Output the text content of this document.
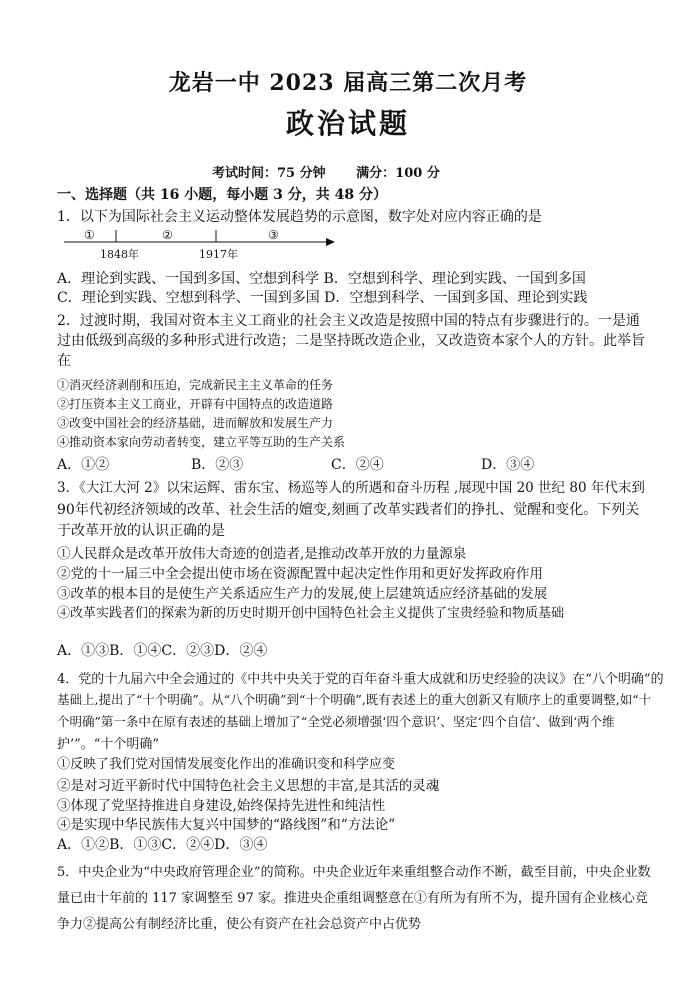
龙岩一中 2023 届高三第二次月考
政治试题
考试时间：75 分钟 满分：100 分
一、选择题（共 16 小题，每小题 3 分，共 48 分）
1．以下为国际社会主义运动整体发展趋势的示意图，数字处对应内容正确的是
①	②	③
1848年	1917年
A．理论到实践、一国到多国、空想到科学 B．空想到科学、理论到实践、一国到多国
C．理论到实践、空想到科学、一国到多国 D．空想到科学、一国到多国、理论到实践
2．过渡时期，我国对资本主义工商业的社会主义改造是按照中国的特点有步骤进行的。一是通
过由低级到高级的多种形式进行改造；二是坚持既改造企业，又改造资本家个人的方针。此举旨
在
①消灭经济剥削和压迫，完成新民主主义革命的任务
②打压资本主义工商业，开辟有中国特点的改造道路
③改变中国社会的经济基础，进而解放和发展生产力
④推动资本家向劳动者转变，建立平等互助的生产关系
A．①②	B．②③	C．②④	D．③④
3．《大江大河 2》以宋运辉、雷东宝、杨巡等人的所遇和奋斗历程 ,展现中国 20 世纪 80 年代末到
90年代初经济领域的改革、社会生活的嬗变,刻画了改革实践者们的挣扎、觉醒和变化。下列关
于改革开放的认识正确的是
①人民群众是改革开放伟大奇迹的创造者,是推动改革开放的力量源泉
②党的十一届三中全会提出使市场在资源配置中起决定性作用和更好发挥政府作用
③改革的根本目的是使生产关系适应生产力的发展,使上层建筑适应经济基础的发展
④改革实践者们的探索为新的历史时期开创中国特色社会主义提供了宝贵经验和物质基础
A．①③B．①④C．②③D．②④
4．党的十九届六中全会通过的《中共中央关于党的百年奋斗重大成就和历史经验的决议》在“八个明确”的
基础上,提出了“十个明确”。从“八个明确”到“十个明确”,既有表述上的重大创新又有顺序上的重要调整,如“十
个明确”第一条中在原有表述的基础上增加了“全党必须增强‘四个意识’、坚定‘四个自信’、做到‘两个维
护’”。“十个明确”
①反映了我们党对国情发展变化作出的准确识变和科学应变
②是对习近平新时代中国特色社会主义思想的丰富,是其活的灵魂
③体现了党坚持推进自身建设,始终保持先进性和纯洁性
④是实现中华民族伟大复兴中国梦的“路线图”和“方法论”
A．①②B．①③C．②④D．③④
5．中央企业为“中央政府管理企业”的简称。中央企业近年来重组整合动作不断，截至目前，中央企业数
量已由十年前的 117 家调整至 97 家。推进央企重组调整意在①有所为有所不为，提升国有企业核心竞
争力②提高公有制经济比重，使公有资产在社会总资产中占优势
